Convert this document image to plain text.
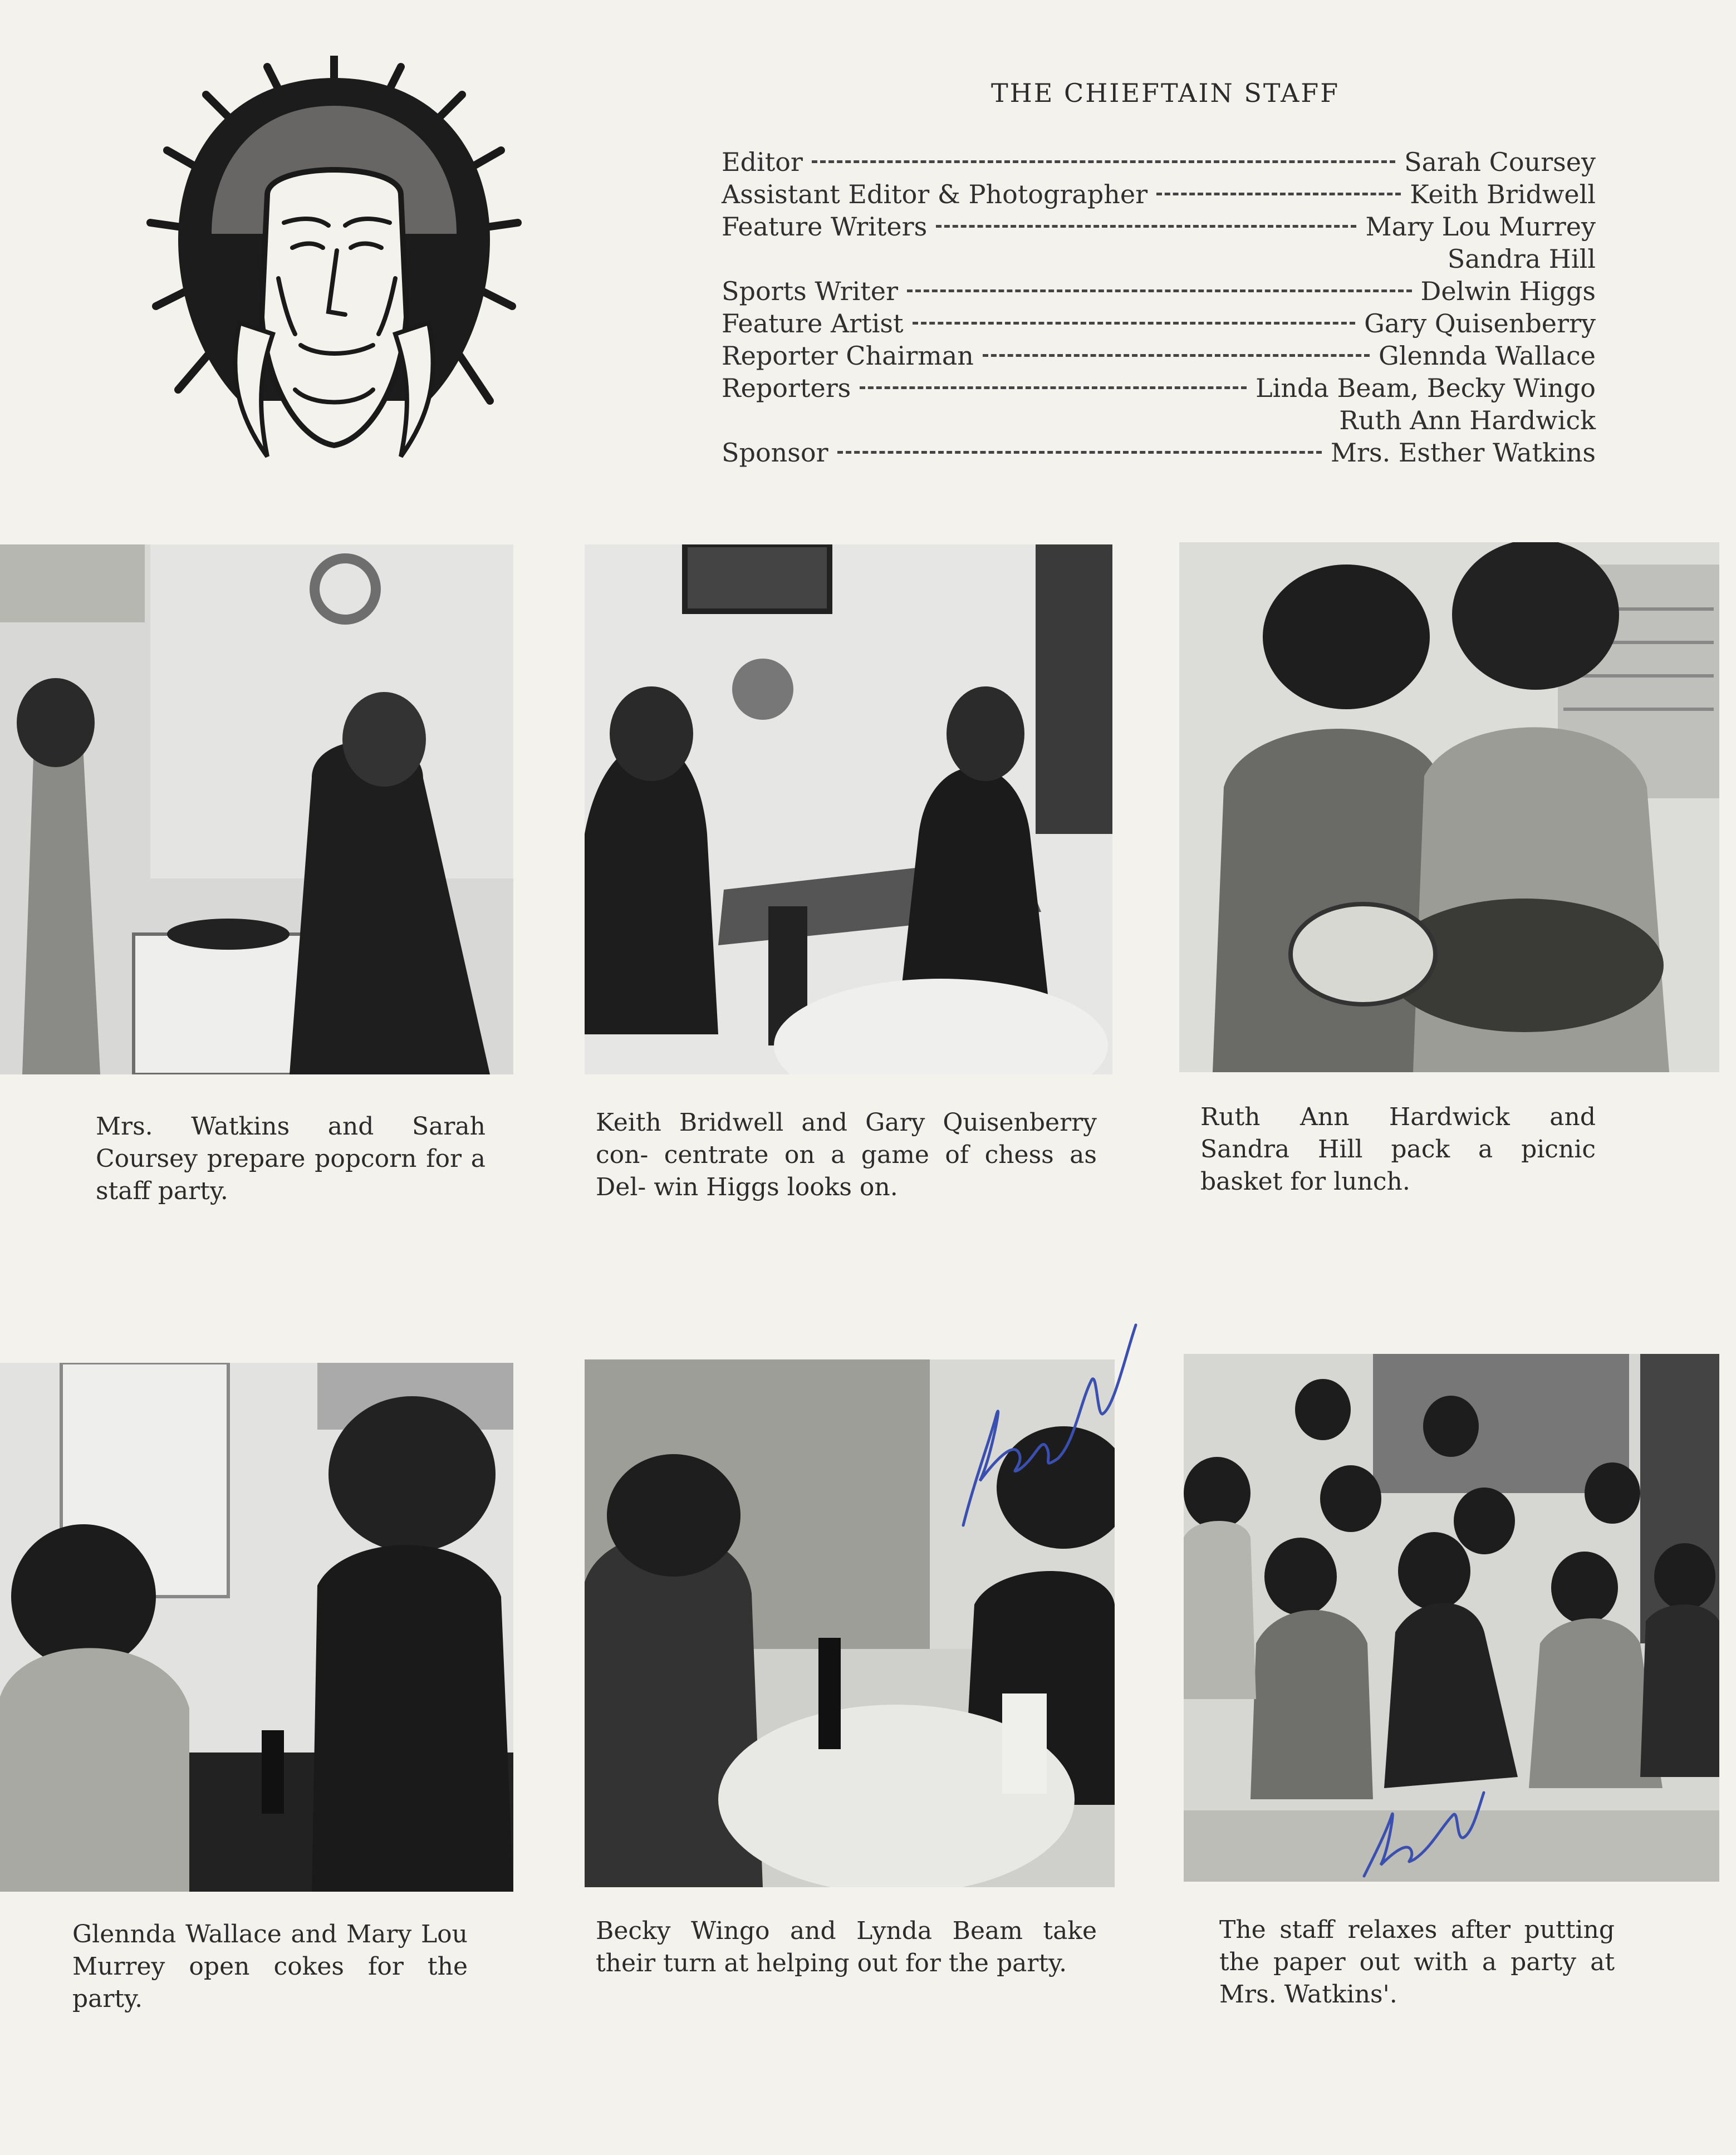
THE CHIEFTAIN STAFF
Editor	Sarah Coursey
Assistant Editor & Photographer	Keith Bridwell
Feature Writers	Mary Lou Murrey
Sandra Hill
Sports Writer	Delwin Higgs
Feature Artist	Gary Quisenberry
Reporter Chairman	Glennda Wallace
Reporters	Linda Beam, Becky Wingo
Ruth Ann Hardwick
Sponsor	Mrs. Esther Watkins
Mrs. Watkins and Sarah Coursey prepare popcorn for a staff party.
Keith Bridwell and Gary Quisenberry con- centrate on a game of chess as Del- win Higgs looks on.
Ruth Ann Hardwick and Sandra Hill pack a picnic basket for lunch.
Glennda Wallace and Mary Lou Murrey open cokes for the party.
Becky Wingo and Lynda Beam take their turn at helping out for the party.
The staff relaxes after putting the paper out with a party at Mrs. Watkins'.
